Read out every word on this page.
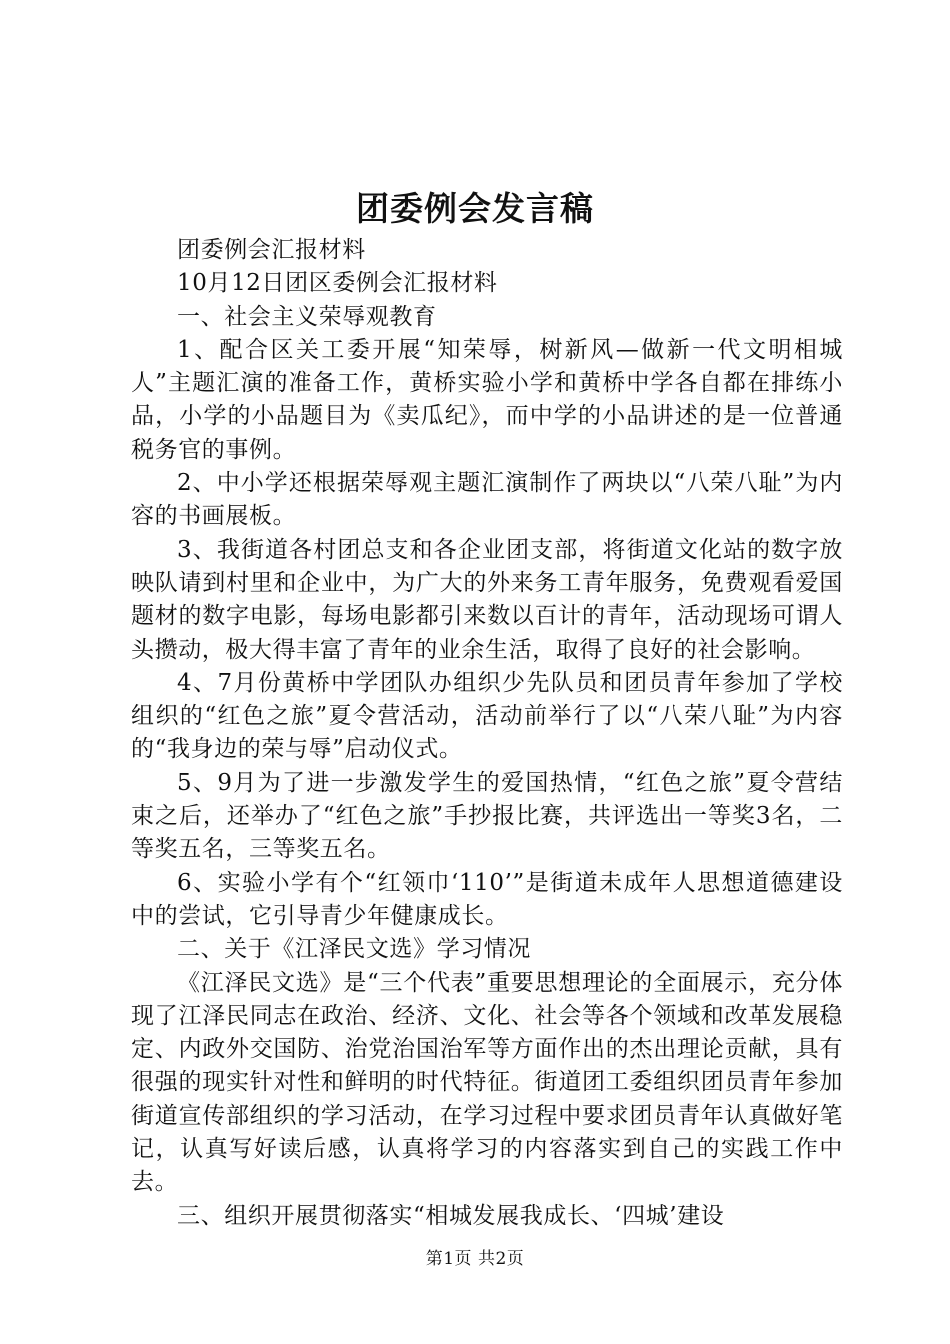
团委例会发言稿

团委例会汇报材料

10月12日团区委例会汇报材料

一、社会主义荣辱观教育

1、配合区关工委开展“知荣辱，树新风—做新一代文明相城人”主题汇演的准备工作，黄桥实验小学和黄桥中学各自都在排练小品，小学的小品题目为《卖瓜纪》，而中学的小品讲述的是一位普通税务官的事例。

2、中小学还根据荣辱观主题汇演制作了两块以“八荣八耻”为内容的书画展板。

3、我街道各村团总支和各企业团支部，将街道文化站的数字放映队请到村里和企业中，为广大的外来务工青年服务，免费观看爱国题材的数字电影，每场电影都引来数以百计的青年，活动现场可谓人头攒动，极大得丰富了青年的业余生活，取得了良好的社会影响。

4、7月份黄桥中学团队办组织少先队员和团员青年参加了学校组织的“红色之旅”夏令营活动，活动前举行了以“八荣八耻”为内容的“我身边的荣与辱”启动仪式。

5、9月为了进一步激发学生的爱国热情，“红色之旅”夏令营结束之后，还举办了“红色之旅”手抄报比赛，共评选出一等奖3名，二等奖五名，三等奖五名。

6、实验小学有个“红领巾‘110’”是街道未成年人思想道德建设中的尝试，它引导青少年健康成长。

二、关于《江泽民文选》学习情况

《江泽民文选》是“三个代表”重要思想理论的全面展示，充分体现了江泽民同志在政治、经济、文化、社会等各个领域和改革发展稳定、内政外交国防、治党治国治军等方面作出的杰出理论贡献，具有很强的现实针对性和鲜明的时代特征。街道团工委组织团员青年参加街道宣传部组织的学习活动，在学习过程中要求团员青年认真做好笔记，认真写好读后感，认真将学习的内容落实到自己的实践工作中去。

三、组织开展贯彻落实“相城发展我成长、‘四城’建设

第1页 共2页
